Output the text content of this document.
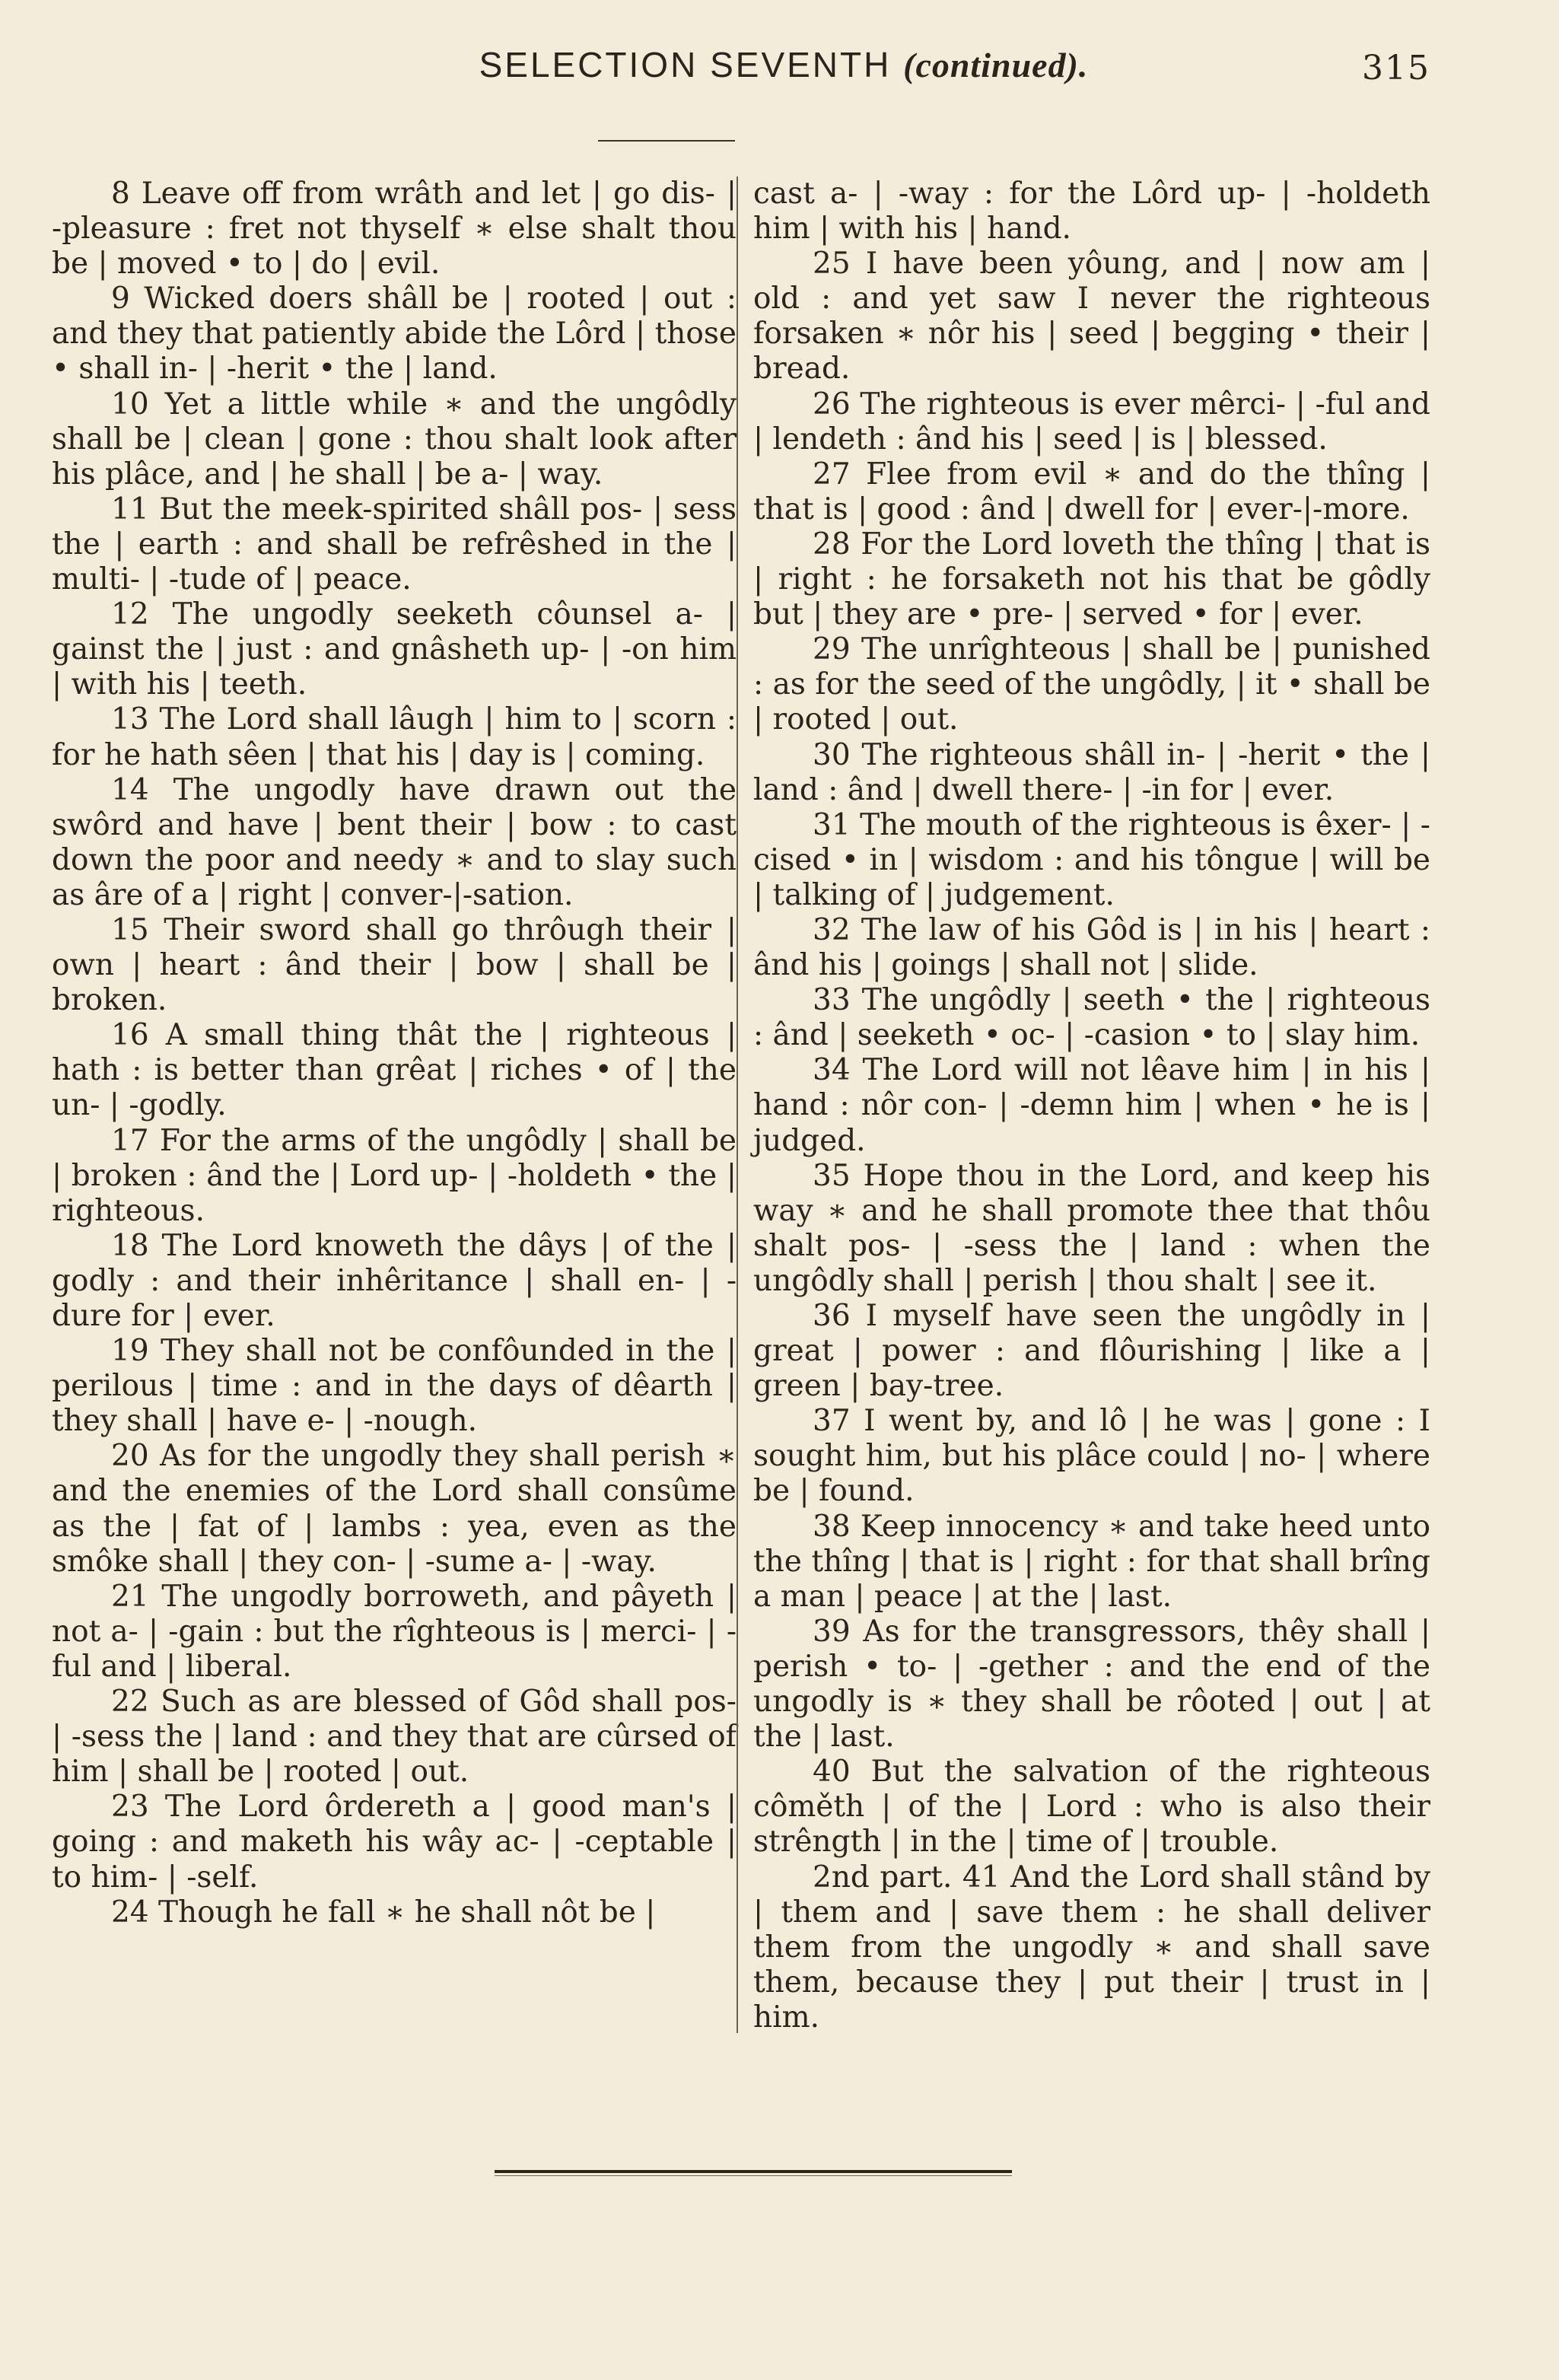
SELECTION SEVENTH (continued).	315

8 Leave off from wrâth and let | go dis- | -pleasure : fret not thyself ∗ else shalt thou be | moved • to | do | evil.

9 Wicked doers shâll be | rooted | out : and they that patiently abide the Lôrd | those • shall in- | -herit • the | land.

10 Yet a little while ∗ and the ungôdly shall be | clean | gone : thou shalt look after his plâce, and | he shall | be a- | way.

11 But the meek-spirited shâll pos- | sess the | earth : and shall be refrêshed in the | multi- | -tude of | peace.

12 The ungodly seeketh côunsel a- | gainst the | just : and gnâsheth up- | -on him | with his | teeth.

13 The Lord shall lâugh | him to | scorn : for he hath sêen | that his | day is | coming.

14 The ungodly have drawn out the swôrd and have | bent their | bow : to cast down the poor and needy ∗ and to slay such as âre of a | right | conver-|-sation.

15 Their sword shall go thrôugh their | own | heart : ând their | bow | shall be | broken.

16 A small thing thât the | righteous | hath : is better than grêat | riches • of | the un- | -godly.

17 For the arms of the ungôdly | shall be | broken : ând the | Lord up- | -holdeth • the | righteous.

18 The Lord knoweth the dâys | of the | godly : and their inhêritance | shall en- | -dure for | ever.

19 They shall not be confôunded in the | perilous | time : and in the days of dêarth | they shall | have e- | -nough.

20 As for the ungodly they shall perish ∗ and the enemies of the Lord shall consûme as the | fat of | lambs : yea, even as the smôke shall | they con- | -sume a- | -way.

21 The ungodly borroweth, and pâyeth | not a- | -gain : but the rîghteous is | merci- | -ful and | liberal.

22 Such as are blessed of Gôd shall pos- | -sess the | land : and they that are cûrsed of him | shall be | rooted | out.

23 The Lord ôrdereth a | good man's | going : and maketh his wây ac- | -ceptable | to him- | -self.

24 Though he fall ∗ he shall nôt be |

cast a- | -way : for the Lôrd up- | -holdeth him | with his | hand.

25 I have been yôung, and | now am | old : and yet saw I never the righteous forsaken ∗ nôr his | seed | begging • their | bread.

26 The righteous is ever mêrci- | -ful and | lendeth : ând his | seed | is | blessed.

27 Flee from evil ∗ and do the thîng | that is | good : ând | dwell for | ever-|-more.

28 For the Lord loveth the thîng | that is | right : he forsaketh not his that be gôdly but | they are • pre- | served • for | ever.

29 The unrîghteous | shall be | punished : as for the seed of the ungôdly, | it • shall be | rooted | out.

30 The righteous shâll in- | -herit • the | land : ând | dwell there- | -in for | ever.

31 The mouth of the righteous is êxer- | -cised • in | wisdom : and his tôngue | will be | talking of | judgement.

32 The law of his Gôd is | in his | heart : ând his | goings | shall not | slide.

33 The ungôdly | seeth • the | righteous : ând | seeketh • oc- | -casion • to | slay him.

34 The Lord will not lêave him | in his | hand : nôr con- | -demn him | when • he is | judged.

35 Hope thou in the Lord, and keep his way ∗ and he shall promote thee that thôu shalt pos- | -sess the | land : when the ungôdly shall | perish | thou shalt | see it.

36 I myself have seen the ungôdly in | great | power : and flôurishing | like a | green | bay-tree.

37 I went by, and lô | he was | gone : I sought him, but his plâce could | no- | where be | found.

38 Keep innocency ∗ and take heed unto the thîng | that is | right : for that shall brîng a man | peace | at the | last.

39 As for the transgressors, thêy shall | perish • to- | -gether : and the end of the ungodly is ∗ they shall be rôoted | out | at the | last.

40 But the salvation of the righteous côměth | of the | Lord : who is also their strêngth | in the | time of | trouble.

2nd part. 41 And the Lord shall stând by | them and | save them : he shall deliver them from the ungodly ∗ and shall save them, because they | put their | trust in | him.
